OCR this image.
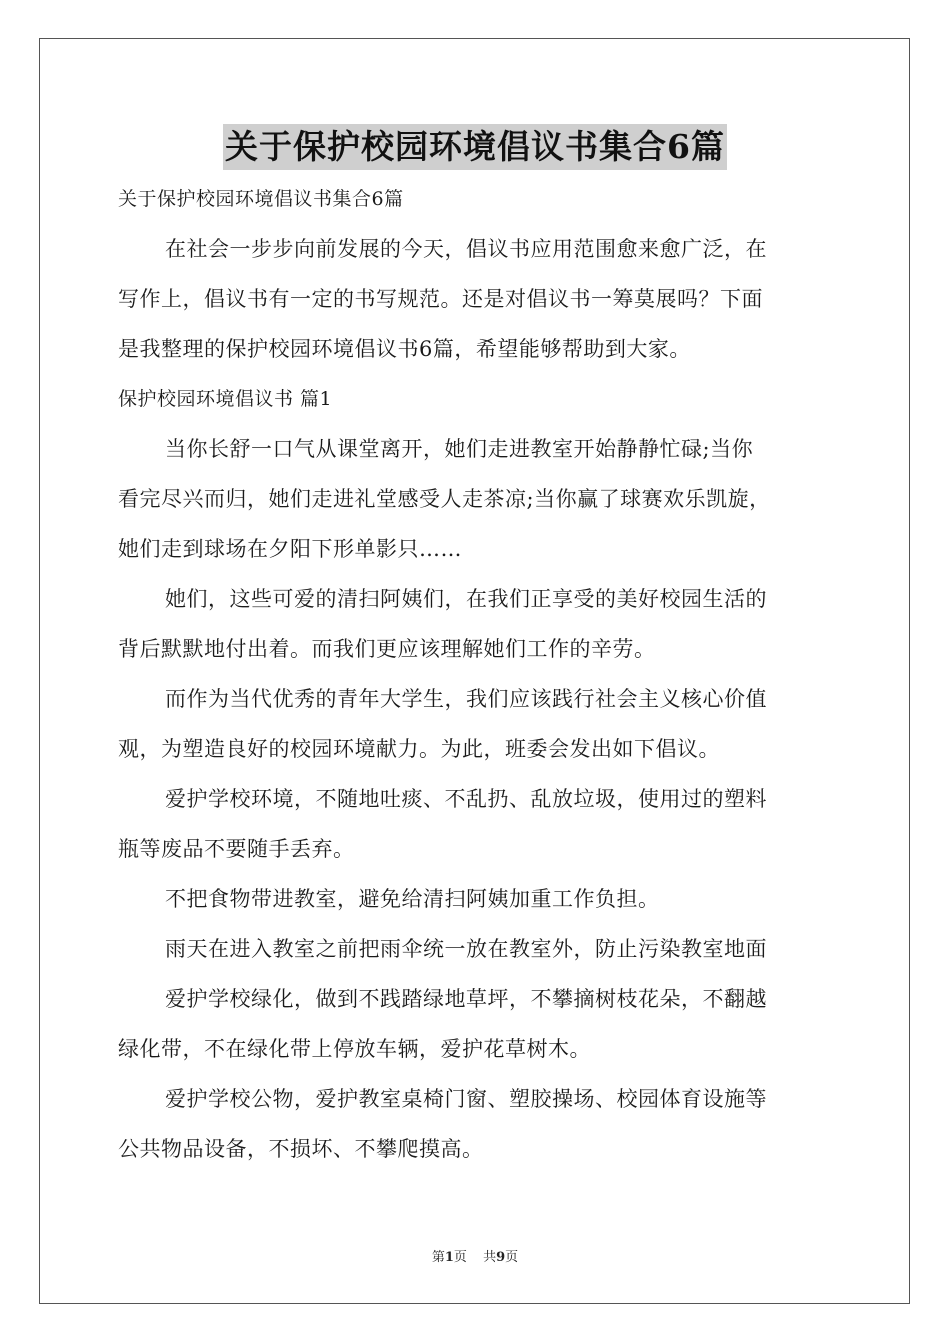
关于保护校园环境倡议书集合6篇
关于保护校园环境倡议书集合6篇
在社会一步步向前发展的今天，倡议书应用范围愈来愈广泛，在
写作上，倡议书有一定的书写规范。还是对倡议书一筹莫展吗？下面
是我整理的保护校园环境倡议书6篇，希望能够帮助到大家。
保护校园环境倡议书 篇1
当你长舒一口气从课堂离开，她们走进教室开始静静忙碌;当你
看完尽兴而归，她们走进礼堂感受人走茶凉;当你赢了球赛欢乐凯旋，
她们走到球场在夕阳下形单影只……
她们，这些可爱的清扫阿姨们，在我们正享受的美好校园生活的
背后默默地付出着。而我们更应该理解她们工作的辛劳。
而作为当代优秀的青年大学生，我们应该践行社会主义核心价值
观，为塑造良好的校园环境献力。为此，班委会发出如下倡议。
爱护学校环境，不随地吐痰、不乱扔、乱放垃圾，使用过的塑料
瓶等废品不要随手丢弃。
不把食物带进教室，避免给清扫阿姨加重工作负担。
雨天在进入教室之前把雨伞统一放在教室外，防止污染教室地面
爱护学校绿化，做到不践踏绿地草坪，不攀摘树枝花朵，不翻越
绿化带，不在绿化带上停放车辆，爱护花草树木。
爱护学校公物，爱护教室桌椅门窗、塑胶操场、校园体育设施等
公共物品设备，不损坏、不攀爬摸高。
第1页 共9页
